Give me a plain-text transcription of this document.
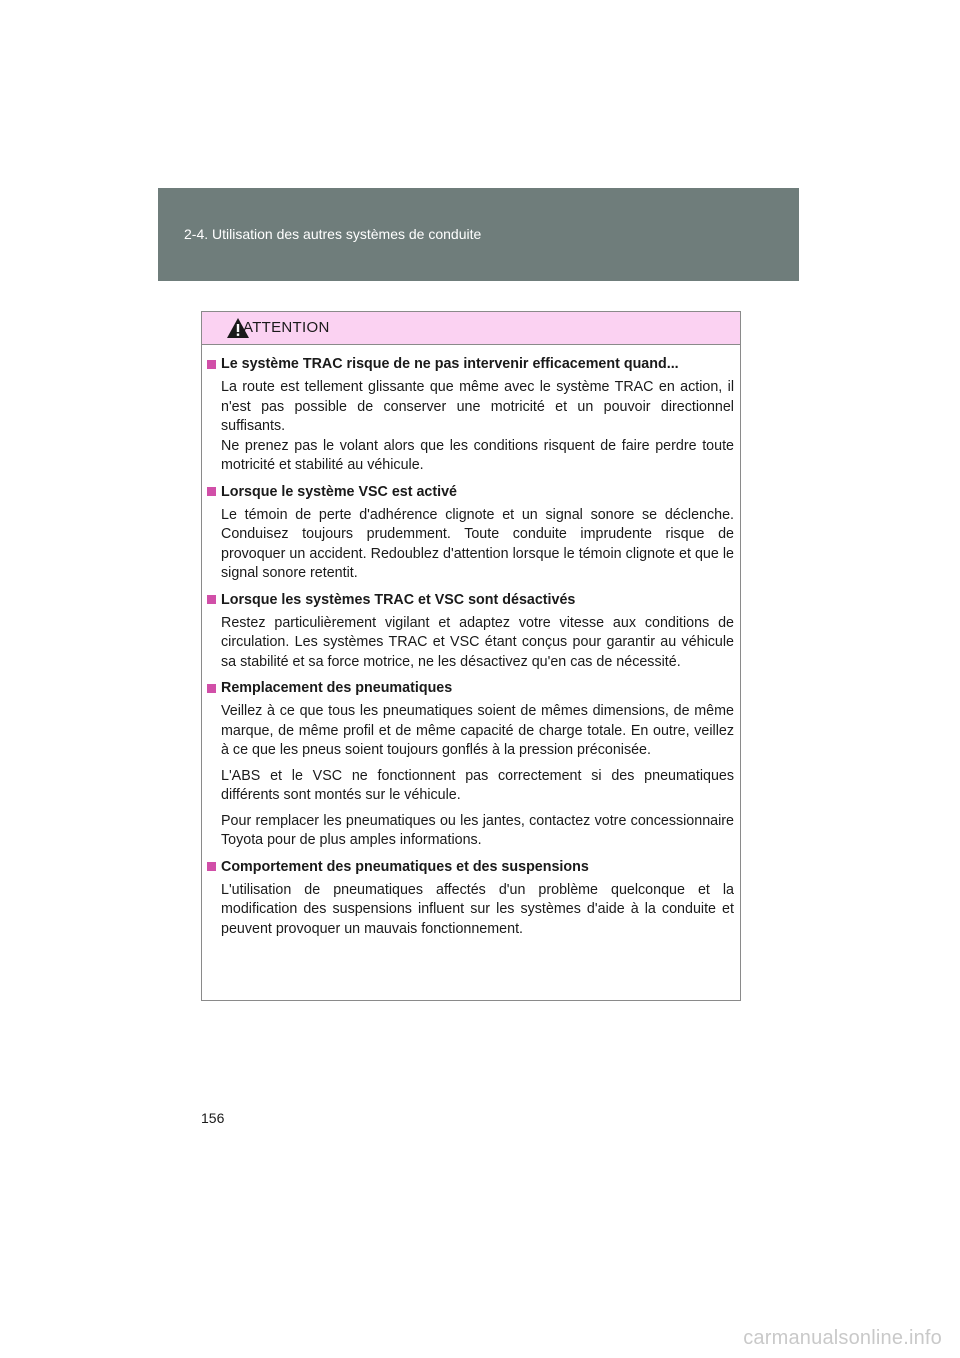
2-4. Utilisation des autres systèmes de conduite
ATTENTION
Le système TRAC risque de ne pas intervenir efficacement quand...

La route est tellement glissante que même avec le système TRAC en action, il n'est pas possible de conserver une motricité et un pouvoir directionnel suffisants.
Ne prenez pas le volant alors que les conditions risquent de faire perdre toute motricité et stabilité au véhicule.

Lorsque le système VSC est activé

Le témoin de perte d'adhérence clignote et un signal sonore se déclenche. Conduisez toujours prudemment. Toute conduite imprudente risque de provoquer un accident. Redoublez d'attention lorsque le témoin clignote et que le signal sonore retentit.

Lorsque les systèmes TRAC et VSC sont désactivés

Restez particulièrement vigilant et adaptez votre vitesse aux conditions de circulation. Les systèmes TRAC et VSC étant conçus pour garantir au véhicule sa stabilité et sa force motrice, ne les désactivez qu'en cas de nécessité.

Remplacement des pneumatiques

Veillez à ce que tous les pneumatiques soient de mêmes dimensions, de même marque, de même profil et de même capacité de charge totale. En outre, veillez à ce que les pneus soient toujours gonflés à la pression préconisée.

L'ABS et le VSC ne fonctionnent pas correctement si des pneumatiques différents sont montés sur le véhicule.

Pour remplacer les pneumatiques ou les jantes, contactez votre concessionnaire Toyota pour de plus amples informations.

Comportement des pneumatiques et des suspensions

L'utilisation de pneumatiques affectés d'un problème quelconque et la modification des suspensions influent sur les systèmes d'aide à la conduite et peuvent provoquer un mauvais fonctionnement.

156
carmanualsonline.info
